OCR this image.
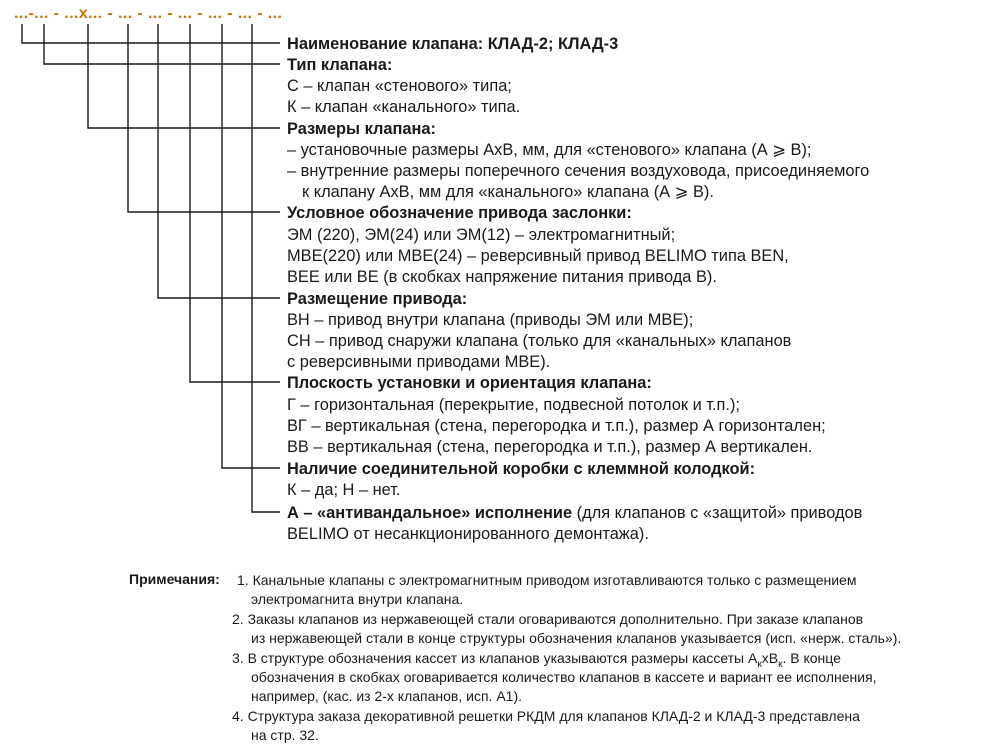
...-... - ...х... - ... - ... - ... - ... - ... - ...
Наименование клапана: КЛАД-2; КЛАД-3
Тип клапана:
С – клапан «стенового» типа;
К – клапан «канального» типа.
Размеры клапана:
– установочные размеры АхВ, мм, для «стенового» клапана (А ⩾ В);
– внутренние размеры поперечного сечения воздуховода, присоединяемого
к клапану АхВ, мм для «канального» клапана (А ⩾ В).
Условное обозначение привода заслонки:
ЭМ (220), ЭМ(24) или ЭМ(12) – электромагнитный;
МВЕ(220) или МВЕ(24) – реверсивный привод BELIMO типа BEN,
ВЕЕ или ВЕ (в скобках напряжение питания привода В).
Размещение привода:
ВН – привод внутри клапана (приводы ЭМ или МВЕ);
СН – привод снаружи клапана (только для «канальных» клапанов
с реверсивными приводами МВЕ).
Плоскость установки и ориентация клапана:
Г – горизонтальная (перекрытие, подвесной потолок и т.п.);
ВГ – вертикальная (стена, перегородка и т.п.), размер А горизонтален;
ВВ – вертикальная (стена, перегородка и т.п.), размер А вертикален.
Наличие соединительной коробки с клеммной колодкой:
К – да; Н – нет.
А – «антивандальное» исполнение (для клапанов с «защитой» приводов
BELIMO от несанкционированного демонтажа).
Примечания: 1. Канальные клапаны с электромагнитным приводом изготавливаются только с размещением
электромагнита внутри клапана.
2. Заказы клапанов из нержавеющей стали оговариваются дополнительно. При заказе клапанов
из нержавеющей стали в конце структуры обозначения клапанов указывается (исп. «нерж. сталь»).
3. В структуре обозначения кассет из клапанов указываются размеры кассеты $А_кхВ_к$. В конце
обозначения в скобках оговаривается количество клапанов в кассете и вариант ее исполнения,
например, (кас. из 2-х клапанов, исп. А1).
4. Структура заказа декоративной решетки РКДМ для клапанов КЛАД-2 и КЛАД-3 представлена
на стр. 32.
